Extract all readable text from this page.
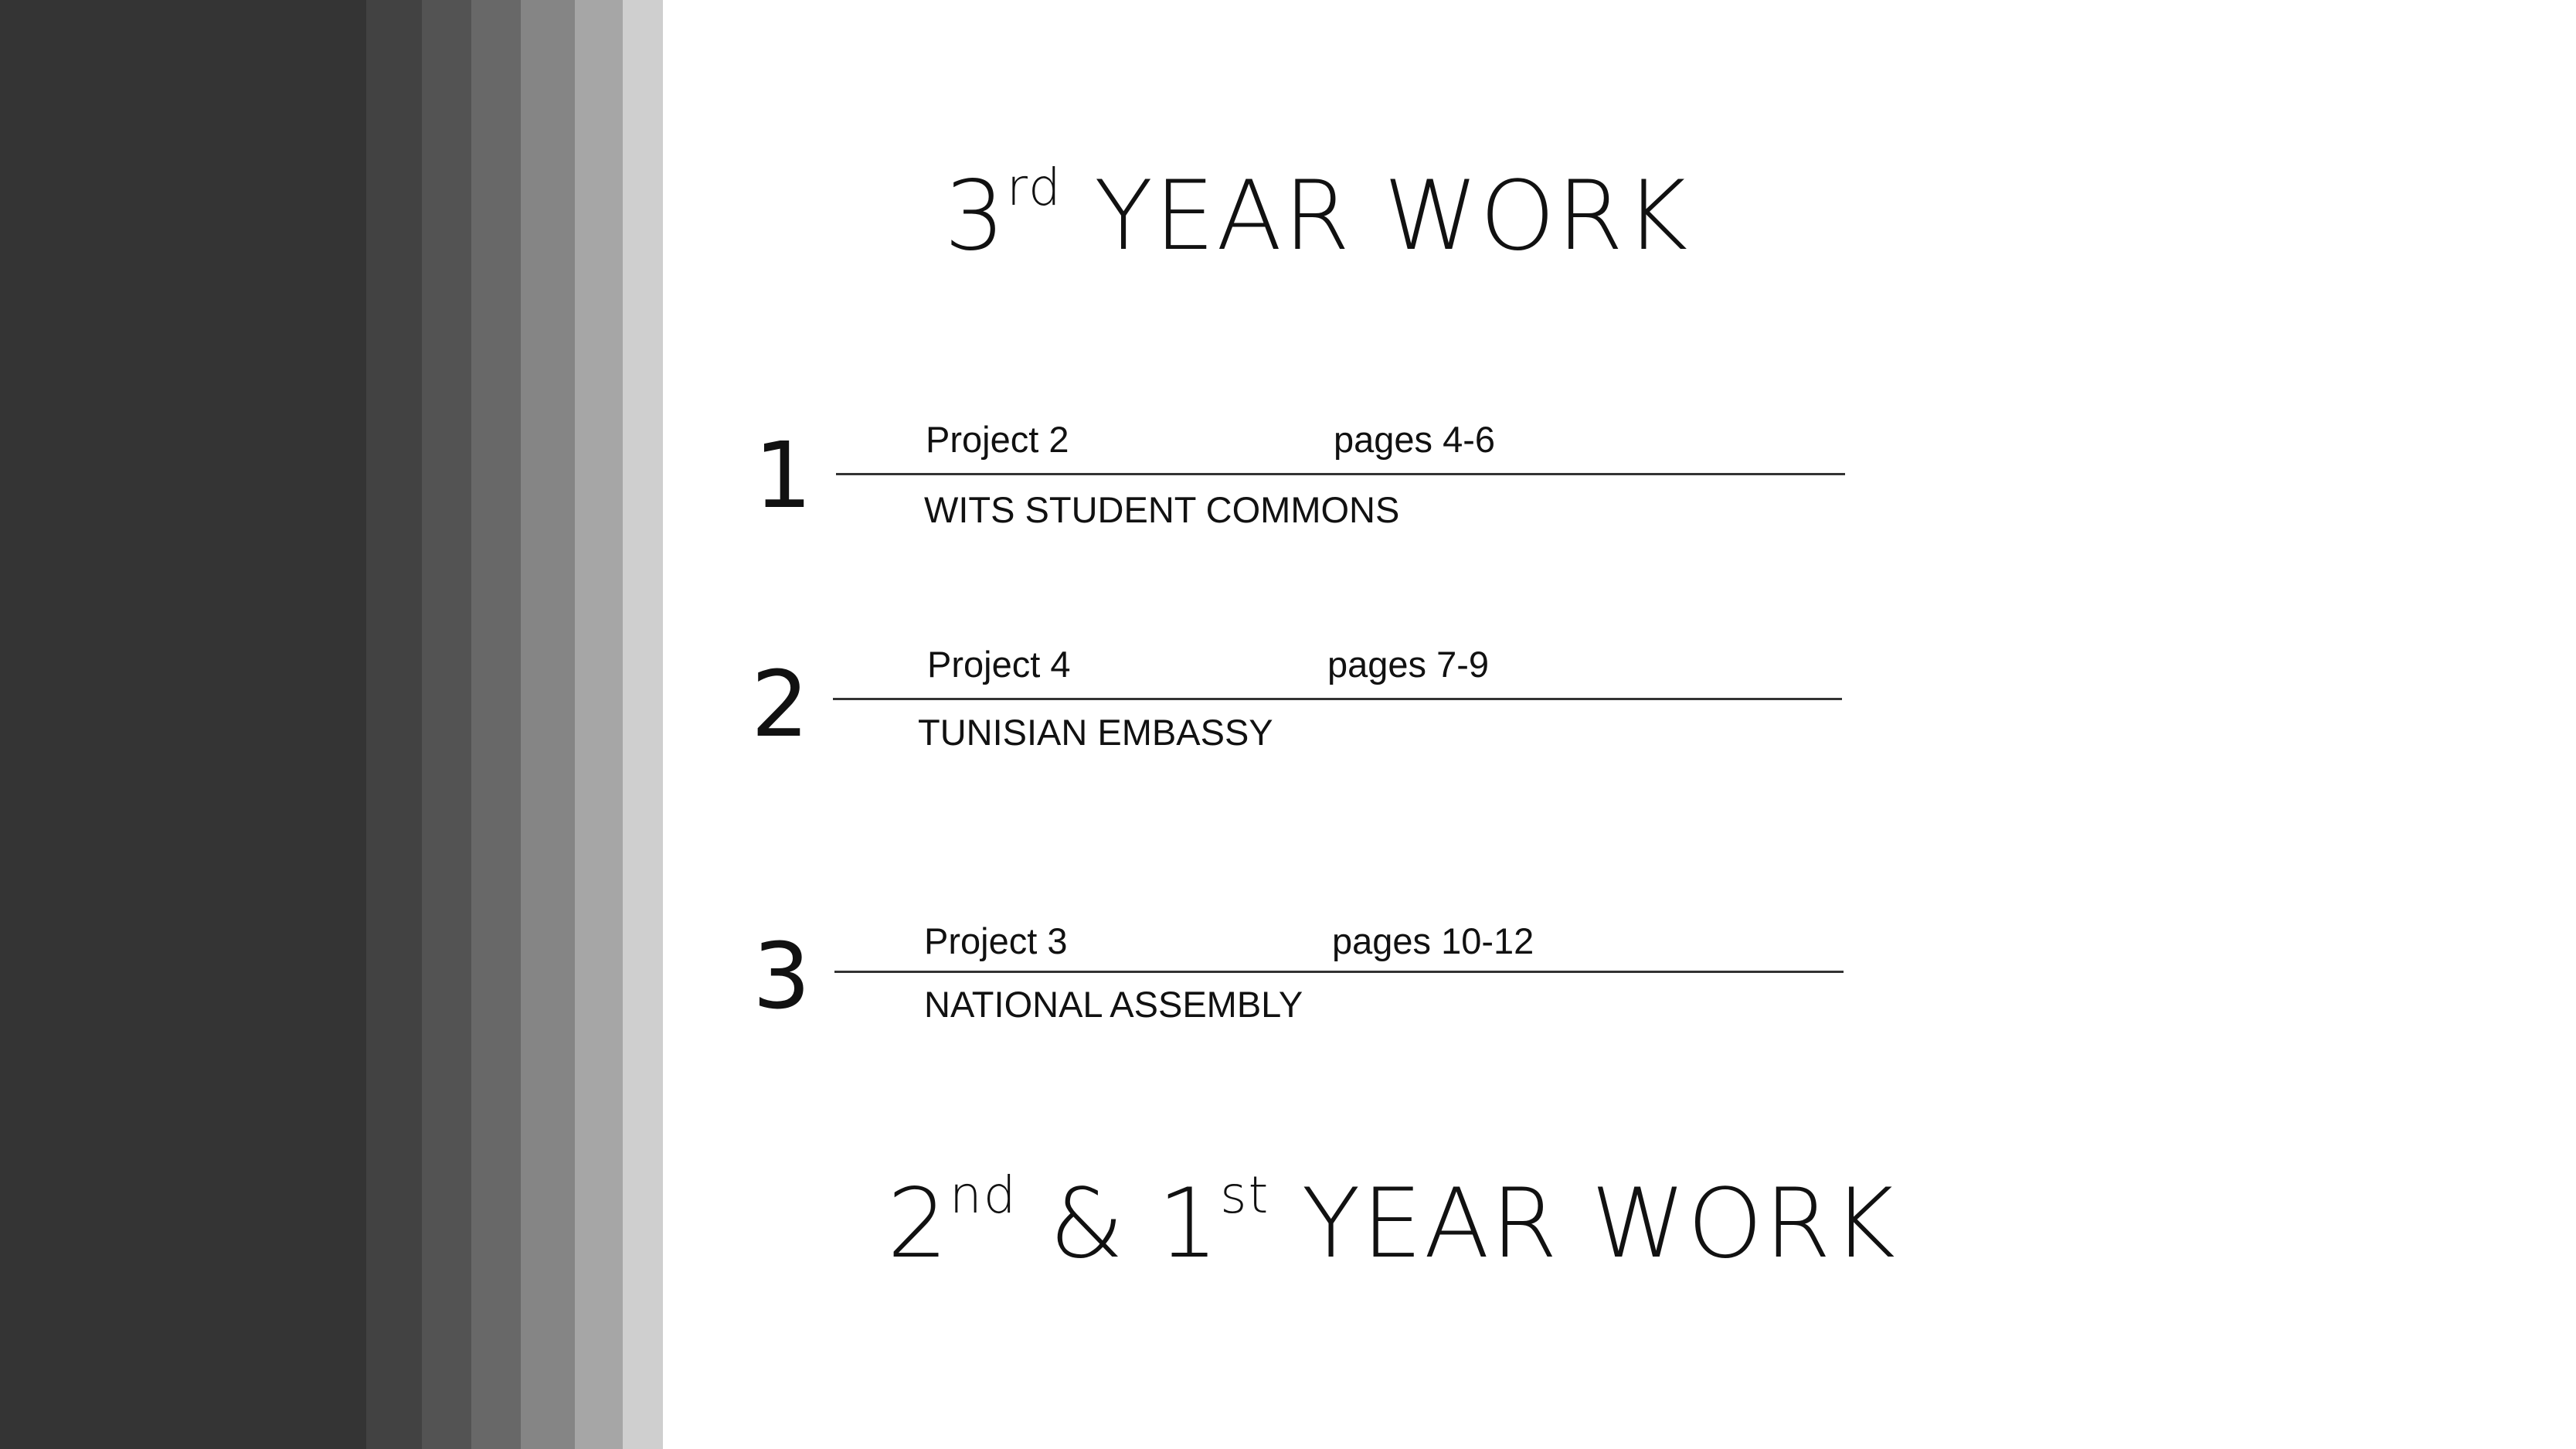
3rd YEAR WORK
1	Project 2	pages 4-6
WITS STUDENT COMMONS
2	Project 4	pages 7-9
TUNISIAN EMBASSY
3	Project 3	pages 10-12
NATIONAL ASSEMBLY
2nd & 1st YEAR WORK
